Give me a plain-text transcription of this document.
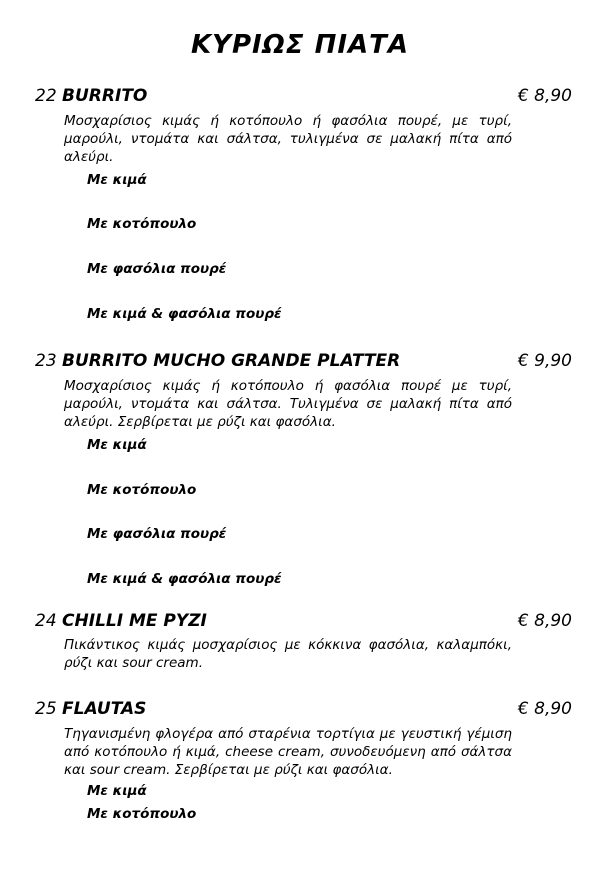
ΚΥΡΙΩΣ ΠΙΑΤΑ
22 BURRITO	€ 8,90
Μοσχαρίσιος κιμάς ή κοτόπουλο ή φασόλια πουρέ, με τυρί, μαρούλι, ντομάτα και σάλτσα, τυλιγμένα σε μαλακή πίτα από αλεύρι.
Με κιμά
Με κοτόπουλο
Με φασόλια πουρέ
Με κιμά & φασόλια πουρέ
23 BURRITO MUCHO GRANDE PLATTER	€ 9,90
Μοσχαρίσιος κιμάς ή κοτόπουλο ή φασόλια πουρέ με τυρί, μαρούλι, ντομάτα και σάλτσα. Τυλιγμένα σε μαλακή πίτα από αλεύρι. Σερβίρεται με ρύζι και φασόλια.
Με κιμά
Με κοτόπουλο
Με φασόλια πουρέ
Με κιμά & φασόλια πουρέ
24 CHILLI ΜΕ ΡΥΖΙ	€ 8,90
Πικάντικος κιμάς μοσχαρίσιος με κόκκινα φασόλια, καλαμπόκι, ρύζι και sour cream.
25 FLAUTAS	€ 8,90
Τηγανισμένη φλογέρα από σταρένια τορτίγια με γευστική γέμιση από κοτόπουλο ή κιμά, cheese cream, συνοδευόμενη από σάλτσα και sour cream. Σερβίρεται με ρύζι και φασόλια.
Με κιμά
Με κοτόπουλο
